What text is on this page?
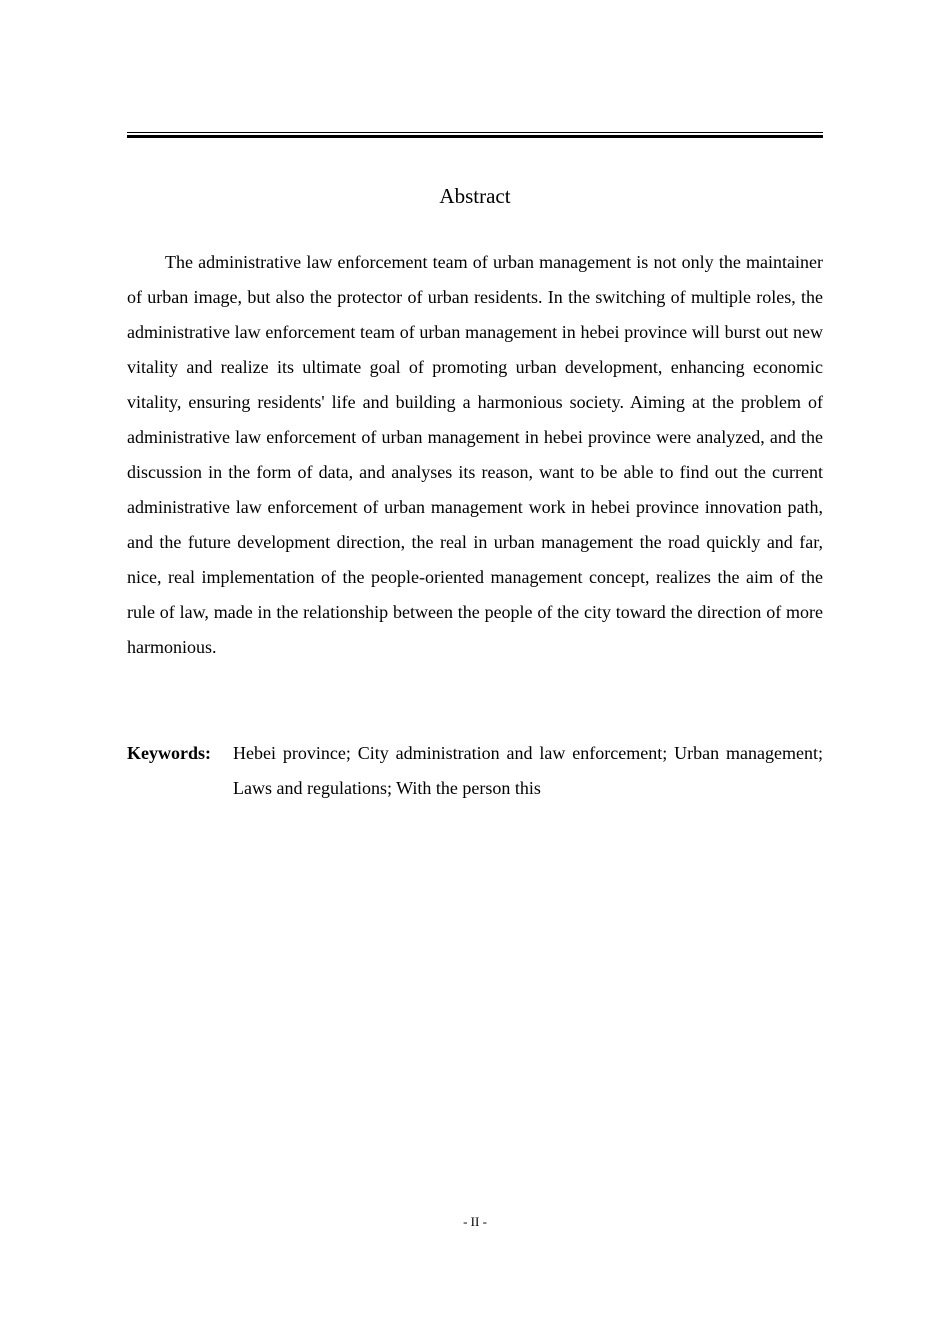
Abstract

The administrative law enforcement team of urban management is not only the maintainer of urban image, but also the protector of urban residents. In the switching of multiple roles, the administrative law enforcement team of urban management in hebei province will burst out new vitality and realize its ultimate goal of promoting urban development, enhancing economic vitality, ensuring residents' life and building a harmonious society. Aiming at the problem of administrative law enforcement of urban management in hebei province were analyzed, and the discussion in the form of data, and analyses its reason, want to be able to find out the current administrative law enforcement of urban management work in hebei province innovation path, and the future development direction, the real in urban management the road quickly and far, nice, real implementation of the people-oriented management concept, realizes the aim of the rule of law, made in the relationship between the people of the city toward the direction of more harmonious.

Keywords: Hebei province; City administration and law enforcement; Urban management; Laws and regulations; With the person this
- II -
